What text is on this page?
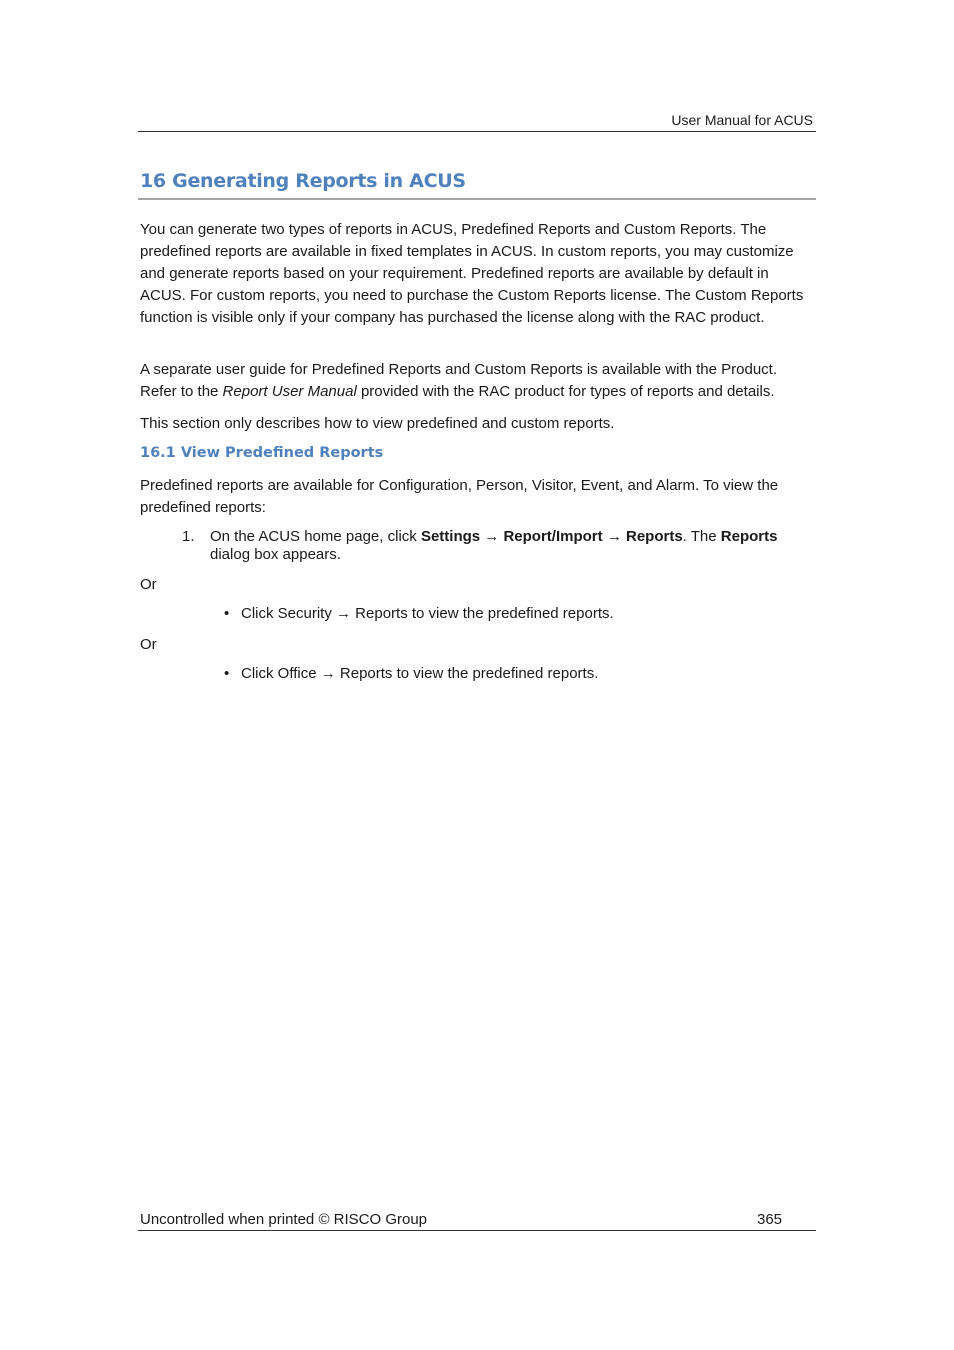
User Manual for ACUS
16 Generating Reports in ACUS

You can generate two types of reports in ACUS, Predefined Reports and Custom Reports. The predefined reports are available in fixed templates in ACUS. In custom reports, you may customize and generate reports based on your requirement. Predefined reports are available by default in ACUS. For custom reports, you need to purchase the Custom Reports license. The Custom Reports function is visible only if your company has purchased the license along with the RAC product.

A separate user guide for Predefined Reports and Custom Reports is available with the Product. Refer to the Report User Manual provided with the RAC product for types of reports and details.

This section only describes how to view predefined and custom reports.

16.1 View Predefined Reports

Predefined reports are available for Configuration, Person, Visitor, Event, and Alarm. To view the predefined reports:

1. On the ACUS home page, click Settings → Report/Import → Reports. The Reports dialog box appears.
Or
• Click Security → Reports to view the predefined reports.
Or
• Click Office → Reports to view the predefined reports.
Uncontrolled when printed © RISCO Group	365
